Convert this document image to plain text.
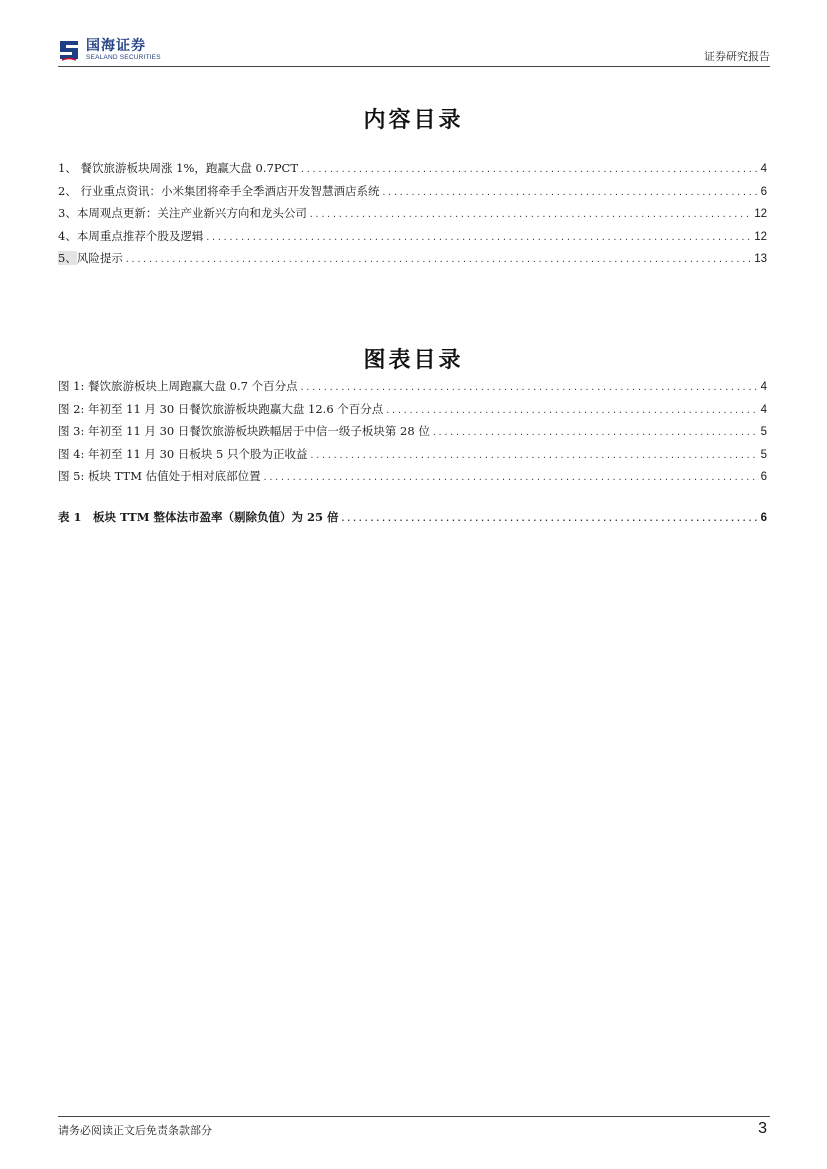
国海证券
SEALAND SECURITIES	证券研究报告
内容目录
1、 餐饮旅游板块周涨 1%，跑赢大盘 0.7PCT .....	4
2、 行业重点资讯：小米集团将牵手全季酒店开发智慧酒店系统 .....	6
3、本周观点更新：关注产业新兴方向和龙头公司 .....	12
4、本周重点推荐个股及逻辑 .....	12
5、风险提示 .....	13
图表目录
图 1: 餐饮旅游板块上周跑赢大盘 0.7 个百分点 .....	4
图 2: 年初至 11 月 30 日餐饮旅游板块跑赢大盘 12.6 个百分点 .....	4
图 3: 年初至 11 月 30 日餐饮旅游板块跌幅居于中信一级子板块第 28 位 .....	5
图 4: 年初至 11 月 30 日板块 5 只个股为正收益 .....	5
图 5: 板块 TTM 估值处于相对底部位置 .....	6
表 1　板块 TTM 整体法市盈率（剔除负值）为 25 倍 .....	6
请务必阅读正文后免责条款部分	3
